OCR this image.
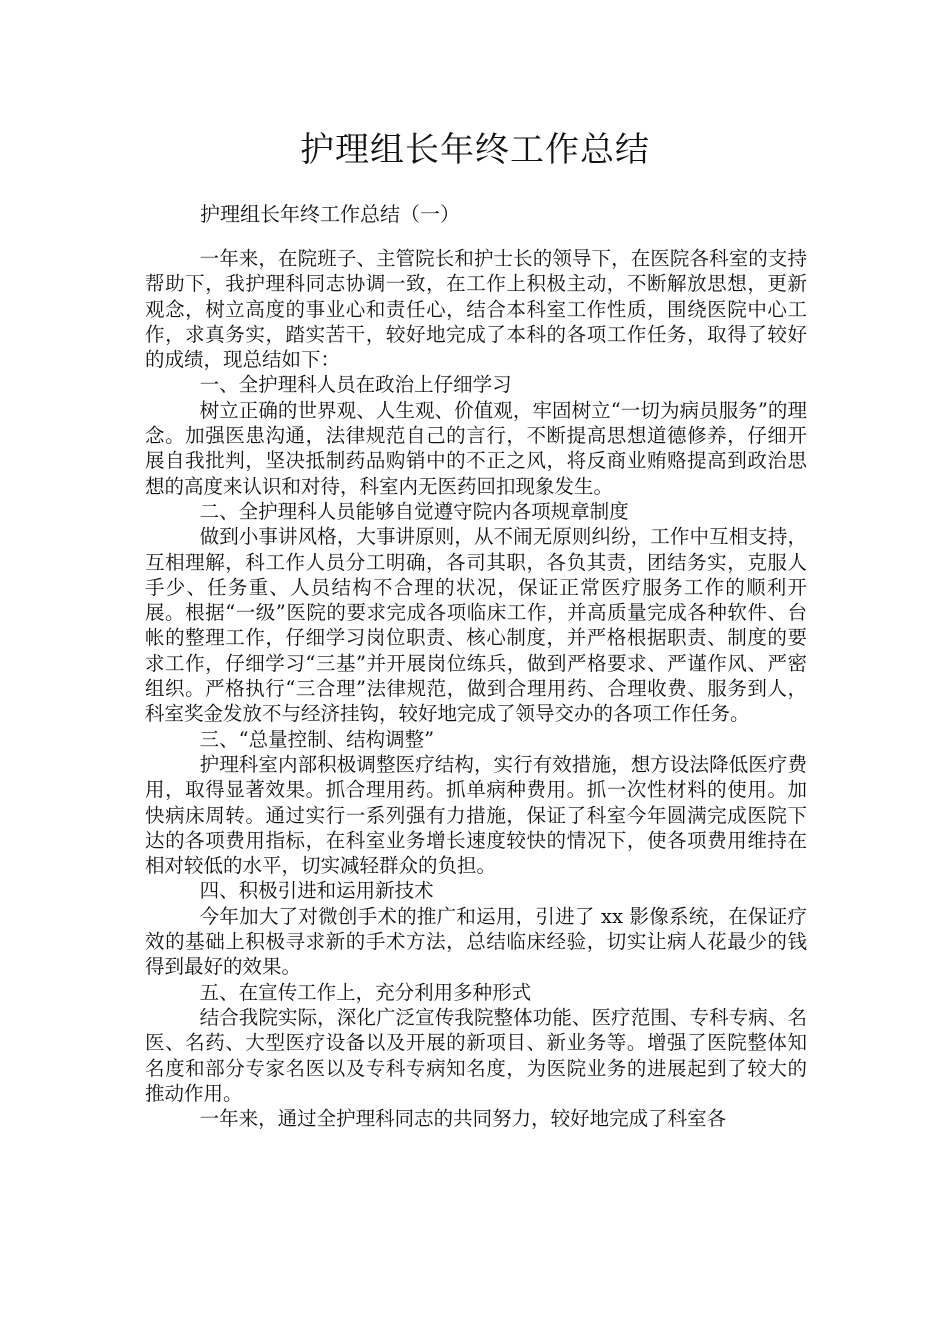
护理组长年终工作总结
护理组长年终工作总结（一）

一年来，在院班子、主管院长和护士长的领导下，在医院各科室的支持帮助下，我护理科同志协调一致，在工作上积极主动，不断解放思想，更新观念，树立高度的事业心和责任心，结合本科室工作性质，围绕医院中心工作，求真务实，踏实苦干，较好地完成了本科的各项工作任务，取得了较好的成绩，现总结如下：

一、全护理科人员在政治上仔细学习

树立正确的世界观、人生观、价值观，牢固树立“一切为病员服务”的理念。加强医患沟通，法律规范自己的言行，不断提高思想道德修养，仔细开展自我批判，坚决抵制药品购销中的不正之风，将反商业贿赂提高到政治思想的高度来认识和对待，科室内无医药回扣现象发生。

二、全护理科人员能够自觉遵守院内各项规章制度

做到小事讲风格，大事讲原则，从不闹无原则纠纷，工作中互相支持，互相理解，科工作人员分工明确，各司其职，各负其责，团结务实，克服人手少、任务重、人员结构不合理的状况，保证正常医疗服务工作的顺利开展。根据“一级”医院的要求完成各项临床工作，并高质量完成各种软件、台帐的整理工作，仔细学习岗位职责、核心制度，并严格根据职责、制度的要求工作，仔细学习“三基”并开展岗位练兵，做到严格要求、严谨作风、严密组织。严格执行“三合理”法律规范，做到合理用药、合理收费、服务到人，科室奖金发放不与经济挂钩，较好地完成了领导交办的各项工作任务。

三、“总量控制、结构调整”

护理科室内部积极调整医疗结构，实行有效措施，想方设法降低医疗费用，取得显著效果。抓合理用药。抓单病种费用。抓一次性材料的使用。加快病床周转。通过实行一系列强有力措施，保证了科室今年圆满完成医院下达的各项费用指标，在科室业务增长速度较快的情况下，使各项费用维持在相对较低的水平，切实减轻群众的负担。

四、积极引进和运用新技术

今年加大了对微创手术的推广和运用，引进了 xx 影像系统，在保证疗效的基础上积极寻求新的手术方法，总结临床经验，切实让病人花最少的钱得到最好的效果。

五、在宣传工作上，充分利用多种形式

结合我院实际，深化广泛宣传我院整体功能、医疗范围、专科专病、名医、名药、大型医疗设备以及开展的新项目、新业务等。增强了医院整体知名度和部分专家名医以及专科专病知名度，为医院业务的进展起到了较大的推动作用。

一年来，通过全护理科同志的共同努力，较好地完成了科室各
